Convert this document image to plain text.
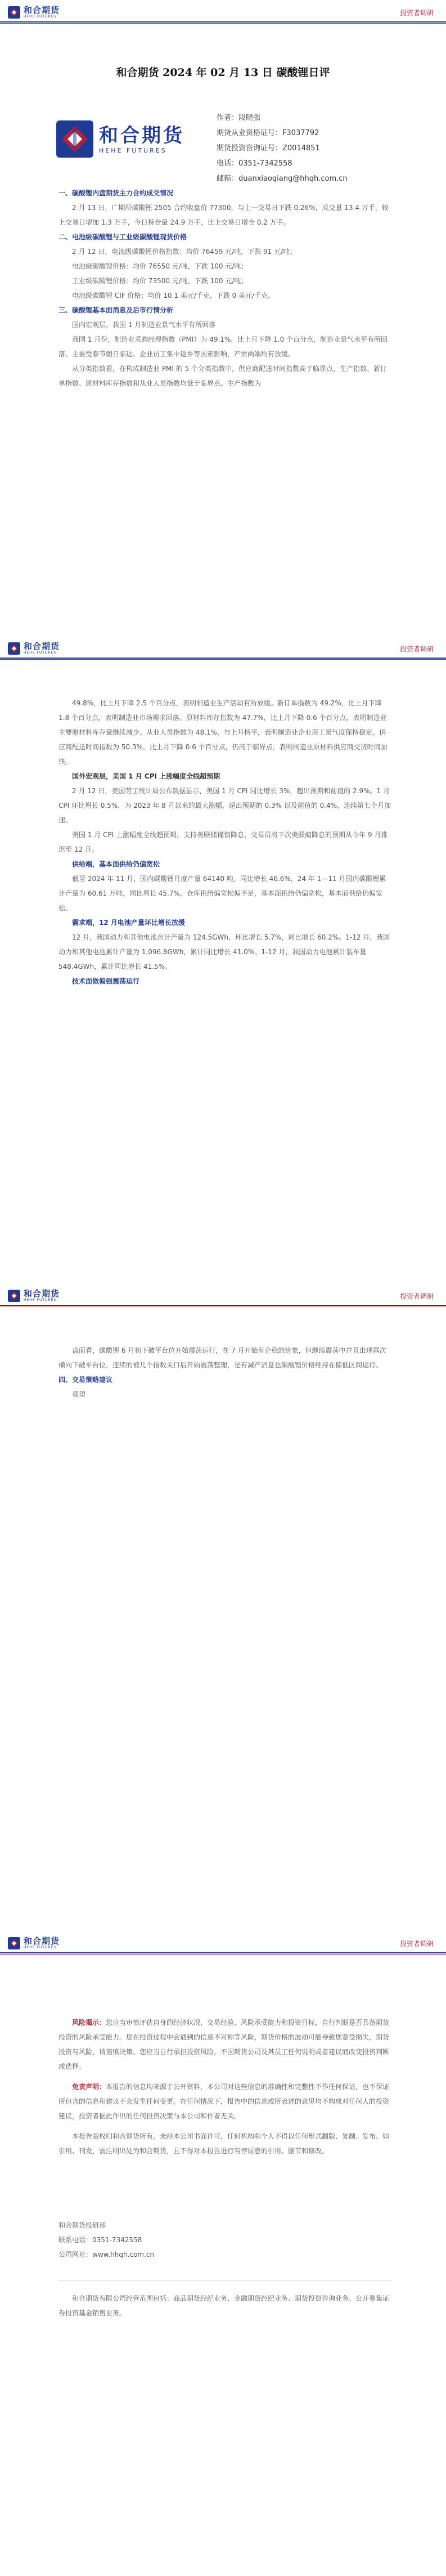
和合期货
HEHE FUTURES	投资者调研
和合期货 2024 年 02 月 13 日 碳酸锂日评
和合期货
HEHE FUTURES
作者：段晓强
期货从业资格证号：F3037792
期货投资咨询证号：Z0014851
电话：0351-7342558
邮箱：duanxiaoqiang@hhqh.com.cn
一、碳酸锂内盘期货主力合约成交情况

2 月 13 日，广期所碳酸锂 2505 合约收盘价 77300，与上一交易日下跌 0.26%，成交量 13.4 万手，较上交易日增加 1.3 万手，今日持仓量 24.9 万手，比上交易日增仓 0.2 万手。

二、电池级碳酸锂与工业级碳酸锂现货价格

2 月 12 日，电池级碳酸锂价格指数：均价 76459 元/吨，下跌 91 元/吨；

电池级碳酸锂价格：均价 76550 元/吨，下跌 100 元/吨；

工业级碳酸锂价格：均价 73500 元/吨，下跌 100 元/吨；

电池级碳酸锂 CIF 价格：均价 10.1 美元/千克，下跌 0 美元/千克。

三、碳酸锂基本面消息及后市行情分析

国内宏观层，我国 1 月制造业景气水平有所回落

我国 1 月份，制造业采购经理指数（PMI）为 49.1%，比上月下降 1.0 个百分点，制造业景气水平有所回落。主要受春节假日临近、企业员工集中返乡等因素影响，产需两端均有放缓。

从分类指数看，在构成制造业 PMI 的 5 个分类指数中，供应商配送时间指数高于临界点，生产指数、新订单指数、原材料库存指数和从业人员指数均低于临界点。生产指数为

和合期货
HEHE FUTURES	投资者调研

49.8%，比上月下降 2.5 个百分点，表明制造业生产活动有所放缓。新订单指数为 49.2%，比上月下降 1.8 个百分点，表明制造业市场需求回落。原材料库存指数为 47.7%，比上月下降 0.6 个百分点，表明制造业主要原材料库存量继续减少。从业人员指数为 48.1%，与上月持平，表明制造业企业用工景气度保持稳定。供应商配送时间指数为 50.3%，比上月下降 0.6 个百分点，仍高于临界点，表明制造业原材料供应商交货时间加快。

国外宏观层，美国 1 月 CPI 上涨幅度全线超预期

2 月 12 日，美国劳工统计局公布数据显示，美国 1 月 CPI 同比增长 3%，超出预期和前值的 2.9%。1 月 CPI 环比增长 0.5%，为 2023 年 8 月以来的最大涨幅，超出预期的 0.3% 以及前值的 0.4%，连续第七个月加速。

美国 1 月 CPI 上涨幅度全线超预期，支持美联储谨慎降息，交易员将下次美联储降息的预期从今年 9 月推迟至 12 月。

供给端，基本面供给仍偏宽松

截至 2024 年 11 月，国内碳酸锂月度产量 64140 吨，同比增长 46.6%，24 年 1—11 月国内碳酸锂累计产量为 60.61 万吨，同比增长 45.7%，仓库供给偏宽松偏不足，基本面供给仍偏宽松，基本面供给仍偏宽松。

需求端，12 月电池产量环比增长放缓

12 月，我国动力和其他电池合计产量为 124.5GWh，环比增长 5.7%，同比增长 60.2%。1-12 月，我国动力和其他电池累计产量为 1,096.8GWh，累计同比增长 41.0%。1-12 月，我国动力电池累计装车量 548.4GWh，累计同比增长 41.5%。

技术面做偏强震荡运行

和合期货
HEHE FUTURES	投资者调研

盘面看，碳酸锂 6 月初下破平台位开始震荡运行，在 7 月开始有企稳的迹象，但继续震荡中并且出现再次横向下破平台位，连续的被几个指数关口后开始震荡整理，是有减产消息也碳酸锂价格维持在偏低区间运行。

四、交易策略建议

观望

和合期货
HEHE FUTURES	投资者调研

风险揭示：您应当审慎评估自身的经济状况、交易经验、风险承受能力和投资目标，自行判断是否具备期货投资的风险承受能力。您在投资过程中会遇到的信息不对称等风险，期货价格的波动可能导致您蒙受损失，期货投资有风险，请谨慎决策。您应当自行承担投资风险，不因期货公司及其员工任何说明或者建议而改变投资判断或选择。

免责声明：本报告的信息均来源于公开资料，本公司对这些信息的准确性和完整性不作任何保证，也不保证所包含的信息和建议不会发生任何变更。在任何情况下，报告中的信息或所表述的意见均不构成对任何人的投资建议，投资者据此作出的任何投资决策与本公司和作者无关。

本报告版权归和合期货所有，未经本公司书面许可，任何机构和个人不得以任何形式翻版、复制、发布。如引用、刊发，需注明出处为和合期货，且不得对本报告进行有悖原意的引用、删节和修改。

和合期货投研部
联系电话：0351-7342558
公司网址：www.hhqh.com.cn

和合期货有限公司经营范围包括：商品期货经纪业务、金融期货经纪业务、期货投资咨询业务。公开募集证券投资基金销售业务。
